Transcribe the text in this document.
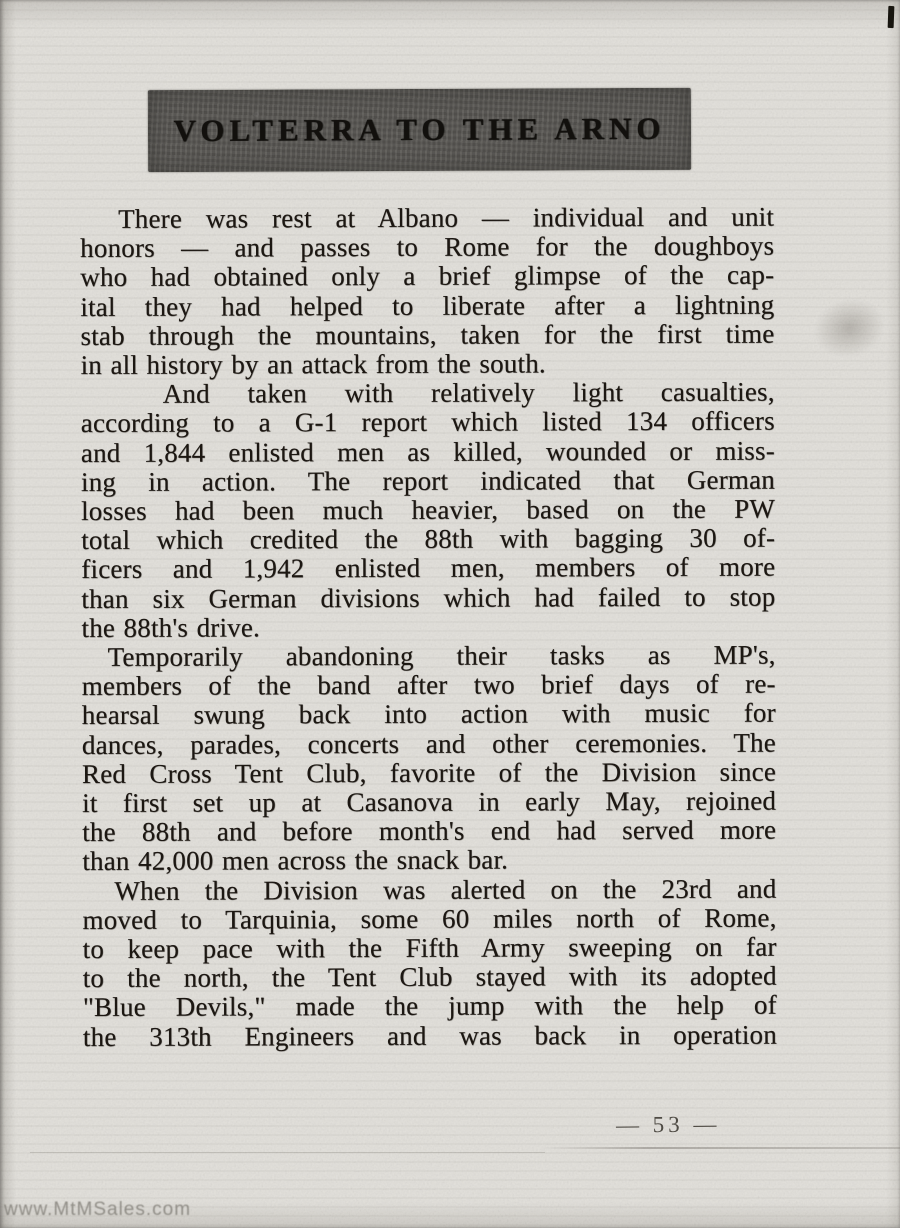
VOLTERRA TO THE ARNO
There was rest at Albano — individual and unit
honors — and passes to Rome for the doughboys
who had obtained only a brief glimpse of the cap-
ital they had helped to liberate after a lightning
stab through the mountains, taken for the first time
in all history by an attack from the south.
And taken with relatively light casualties,
according to a G-1 report which listed 134 officers
and 1,844 enlisted men as killed, wounded or miss-
ing in action. The report indicated that German
losses had been much heavier, based on the PW
total which credited the 88th with bagging 30 of-
ficers and 1,942 enlisted men, members of more
than six German divisions which had failed to stop
the 88th's drive.
Temporarily abandoning their tasks as MP's,
members of the band after two brief days of re-
hearsal swung back into action with music for
dances, parades, concerts and other ceremonies. The
Red Cross Tent Club, favorite of the Division since
it first set up at Casanova in early May, rejoined
the 88th and before month's end had served more
than 42,000 men across the snack bar.
When the Division was alerted on the 23rd and
moved to Tarquinia, some 60 miles north of Rome,
to keep pace with the Fifth Army sweeping on far
to the north, the Tent Club stayed with its adopted
"Blue Devils," made the jump with the help of
the 313th Engineers and was back in operation
— 53 —
www.MtMSales.com
